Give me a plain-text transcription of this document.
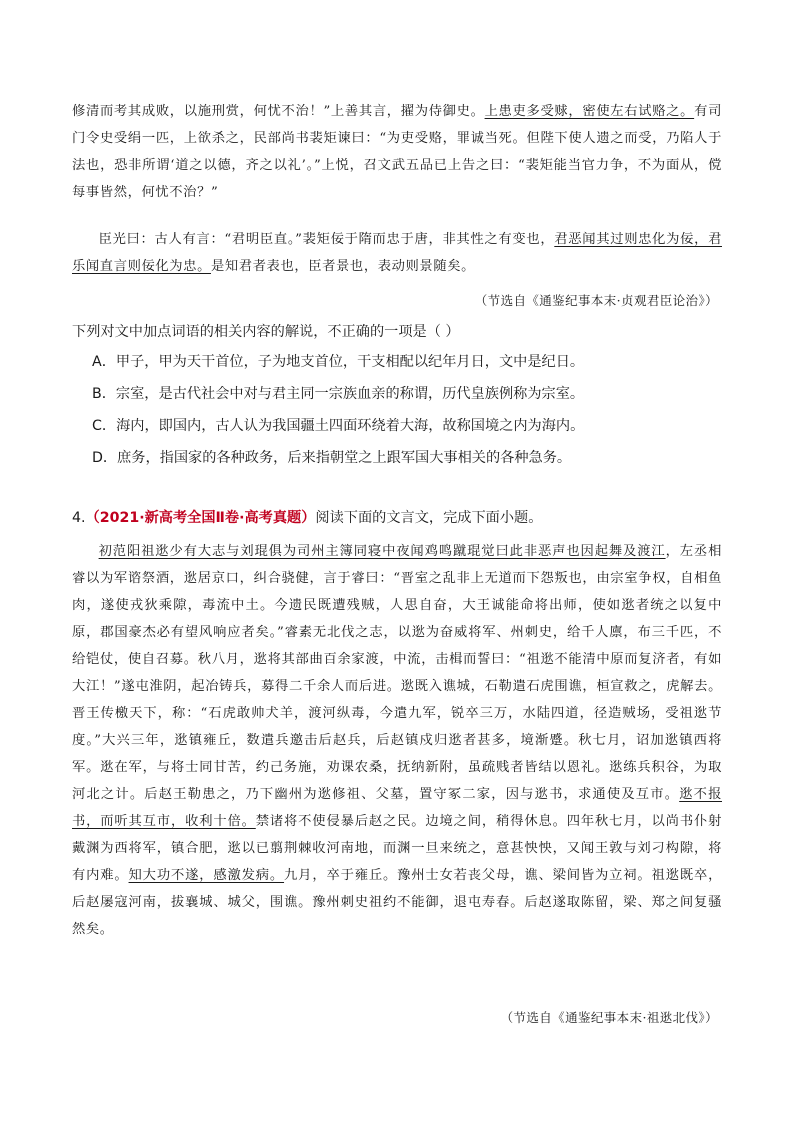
修清而考其成败，以施刑赏，何忧不治！”上善其言，擢为侍御史。上患吏多受赇，密使左右试赂之。有司门令史受绢一匹，上欲杀之，民部尚书裴矩谏曰：“为吏受赂，罪诚当死。但陛下使人遗之而受，乃陷人于法也，恐非所谓‘道之以德，齐之以礼’。”上悦，召文武五品已上告之曰：“裴矩能当官力争，不为面从，傥每事皆然，何忧不治？”

臣光曰：古人有言：“君明臣直。”裴矩佞于隋而忠于唐，非其性之有变也，君恶闻其过则忠化为佞，君乐闻直言则佞化为忠。是知君者表也，臣者景也，表动则景随矣。

（节选自《通鉴纪事本末·贞观君臣论治》）
下列对文中加点词语的相关内容的解说，不正确的一项是（ ）
A．甲子，甲为天干首位，子为地支首位，干支相配以纪年月日，文中是纪日。
B．宗室，是古代社会中对与君主同一宗族血亲的称谓，历代皇族例称为宗室。
C．海内，即国内，古人认为我国疆土四面环绕着大海，故称国境之内为海内。
D．庶务，指国家的各种政务，后来指朝堂之上跟军国大事相关的各种急务。
4.（2021·新高考全国Ⅱ卷·高考真题）阅读下面的文言文，完成下面小题。

初范阳祖逖少有大志与刘琨俱为司州主簿同寝中夜闻鸡鸣蹴琨觉曰此非恶声也因起舞及渡江，左丞相睿以为军谘祭酒，逖居京口，纠合骁健，言于睿曰：“晋室之乱非上无道而下怨叛也，由宗室争权，自相鱼肉，遂使戎狄乘隙，毒流中土。今遗民既遭残贼，人思自奋，大王诚能命将出师，使如逖者统之以复中原，郡国豪杰必有望风响应者矣。”睿素无北伐之志，以逖为奋威将军、州刺史，给千人廪，布三千匹，不给铠仗，使自召募。秋八月，逖将其部曲百余家渡，中流，击楫而誓曰：“祖逖不能清中原而复济者，有如大江！”遂屯淮阴，起冶铸兵，募得二千余人而后进。逖既入谯城，石勒遣石虎围谯，桓宣救之，虎解去。晋王传檄天下，称：“石虎敢帅犬羊，渡河纵毒，今遣九军，锐卒三万，水陆四道，径造贼场，受祖逖节度。”大兴三年，逖镇雍丘，数遣兵邀击后赵兵，后赵镇戍归逖者甚多，境渐蹙。秋七月，诏加逖镇西将军。逖在军，与将士同甘苦，约己务施，劝课农桑，抚纳新附，虽疏贱者皆结以恩礼。逖练兵积谷，为取河北之计。后赵王勒患之，乃下幽州为逖修祖、父墓，置守冢二家，因与逖书，求通使及互市。逖不报书，而听其互市，收利十倍。禁诸将不使侵暴后赵之民。边境之间，稍得休息。四年秋七月，以尚书仆射戴渊为西将军，镇合肥，逖以已翦荆棘收河南地，而渊一旦来统之，意甚怏怏，又闻王敦与刘刁构隙，将有内难。知大功不遂，感激发病。九月，卒于雍丘。豫州士女若丧父母，谯、梁间皆为立祠。祖逖既卒，后赵屡寇河南，拔襄城、城父，围谯。豫州刺史祖约不能御，退屯寿春。后赵遂取陈留，梁、郑之间复骚然矣。

（节选自《通鉴纪事本末·祖逖北伐》）
